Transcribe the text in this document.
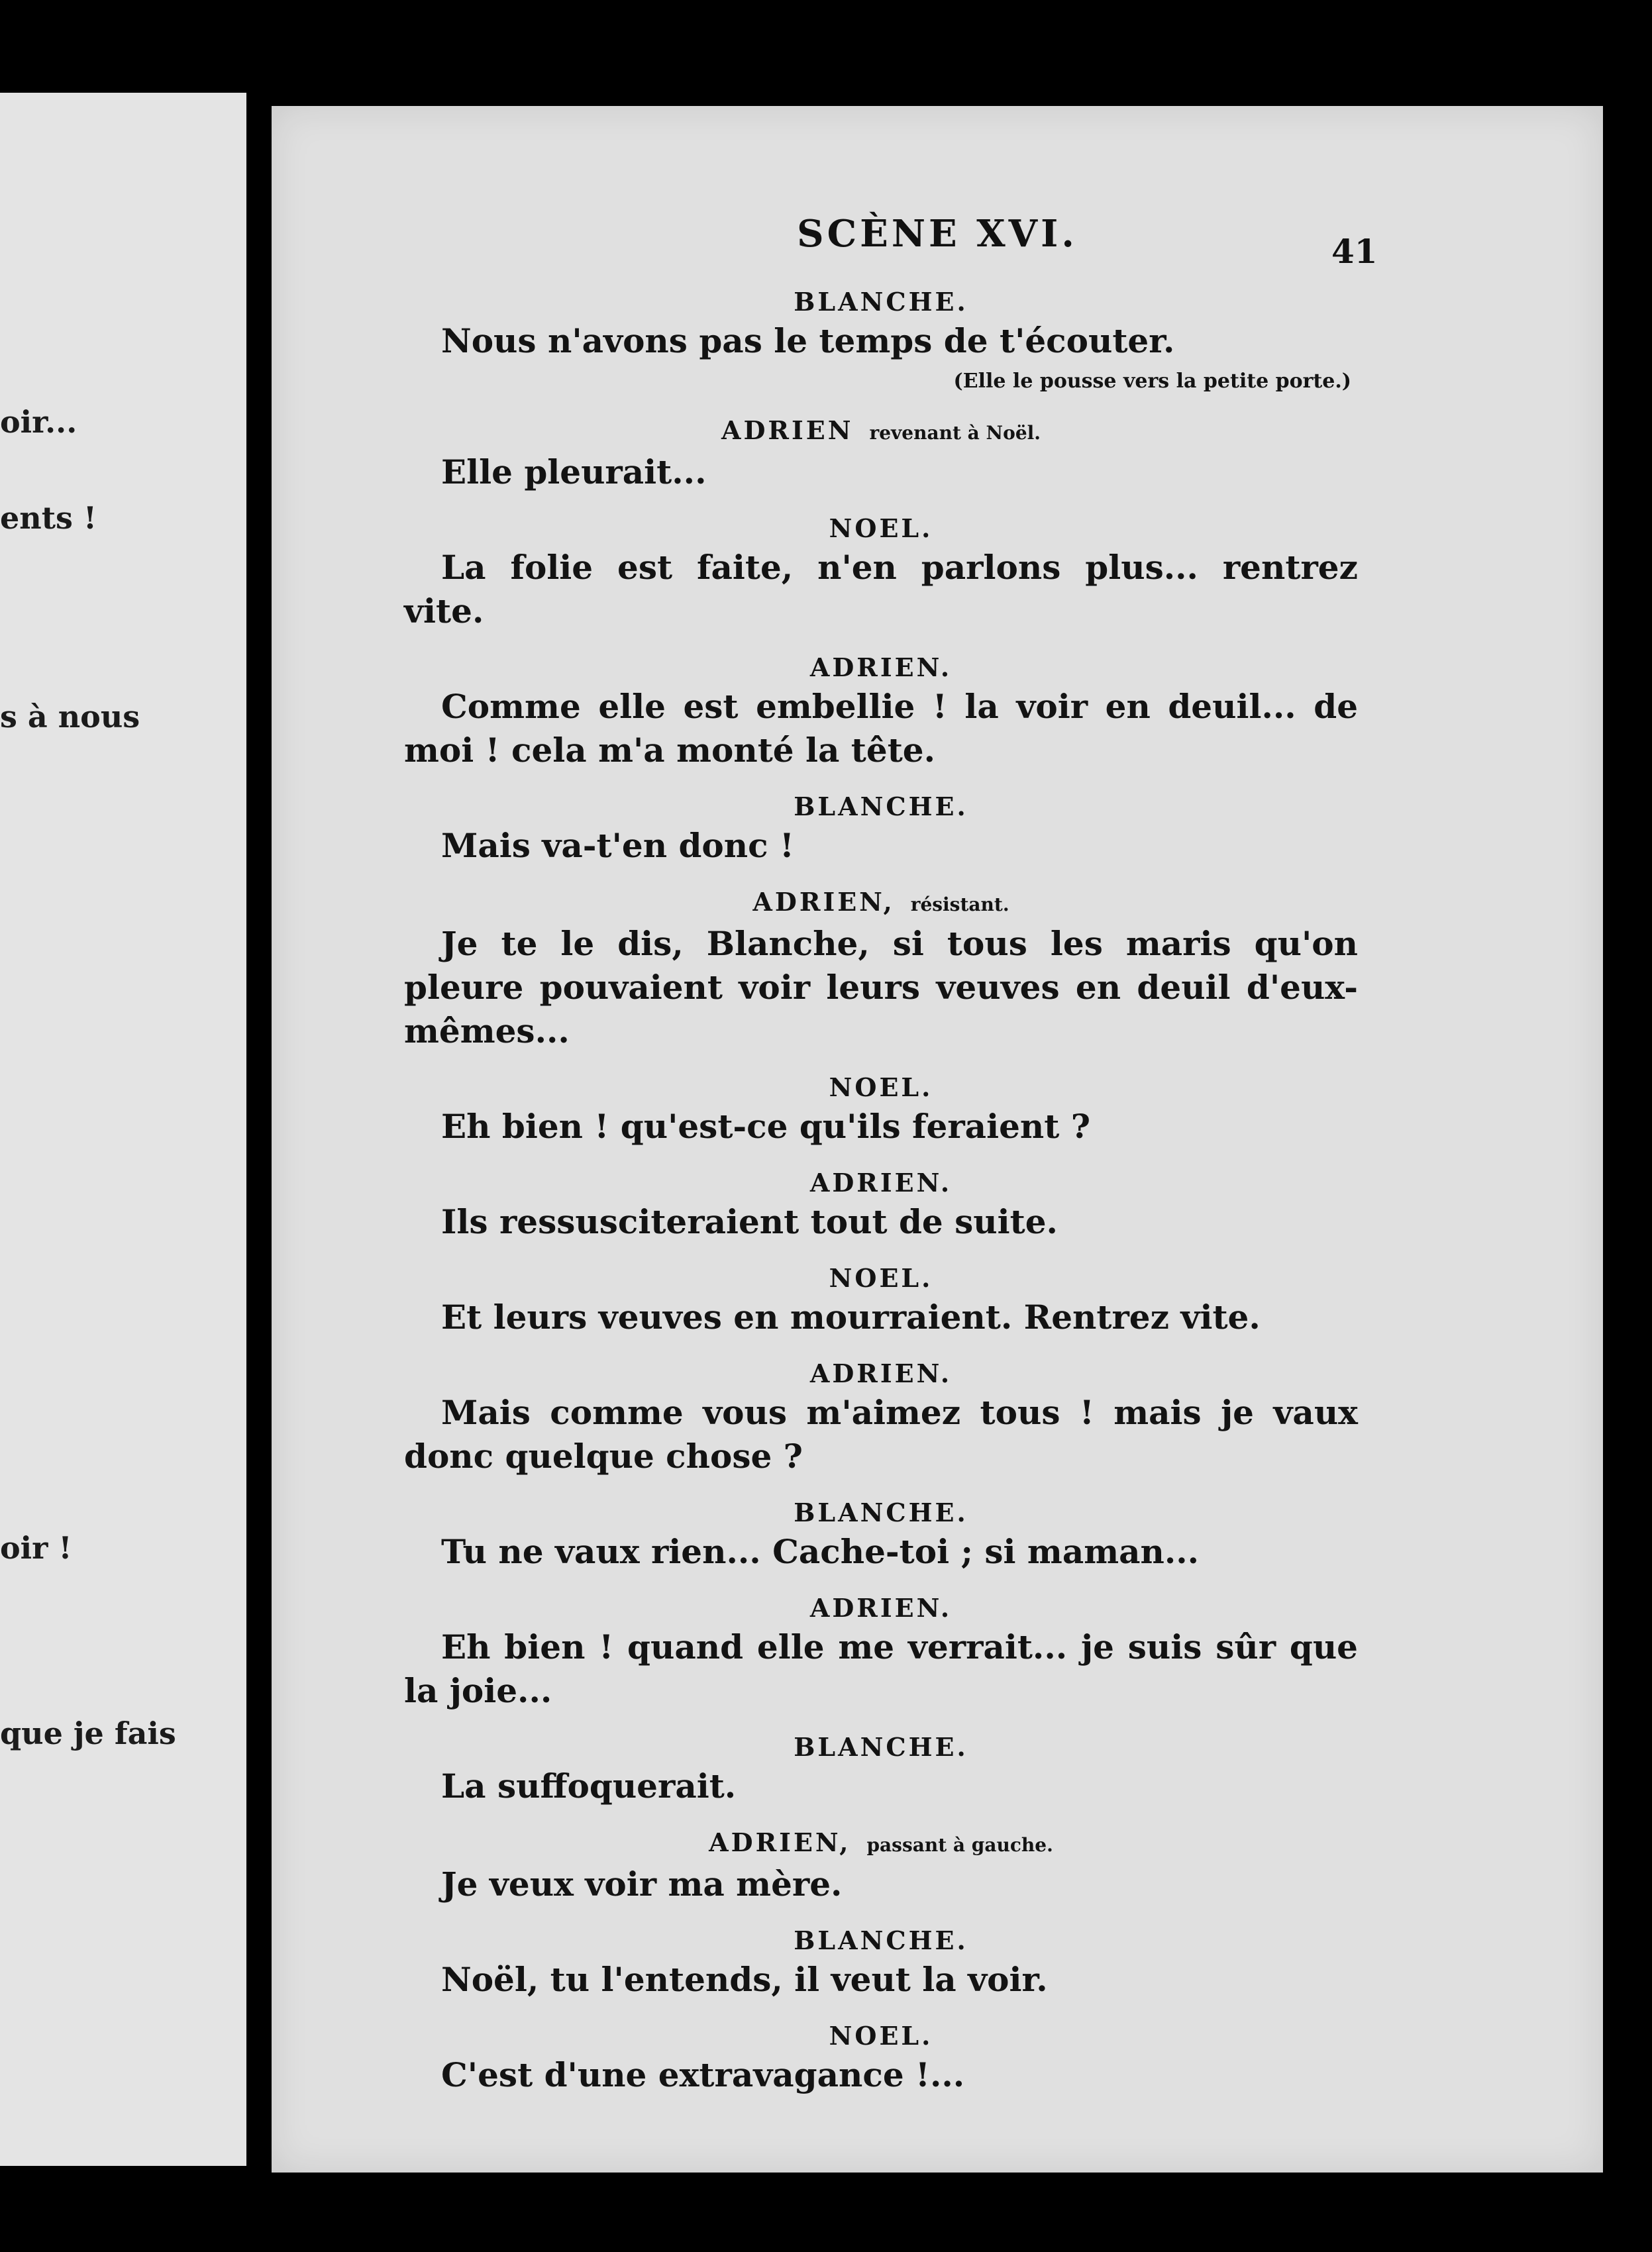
oir...
ents !
s à nous
oir !
que je fais
SCÈNE XVI.	41
BLANCHE.

Nous n'avons pas le temps de t'écouter.

(Elle le pousse vers la petite porte.)
ADRIEN revenant à Noël.

Elle pleurait...

NOEL.

La folie est faite, n'en parlons plus... rentrez vite.

ADRIEN.

Comme elle est embellie ! la voir en deuil... de moi ! cela m'a monté la tête.

BLANCHE.

Mais va-t'en donc !

ADRIEN, résistant.

Je te le dis, Blanche, si tous les maris qu'on pleure pouvaient voir leurs veuves en deuil d'eux-mêmes...

NOEL.

Eh bien ! qu'est-ce qu'ils feraient ?

ADRIEN.

Ils ressusciteraient tout de suite.

NOEL.

Et leurs veuves en mourraient. Rentrez vite.

ADRIEN.

Mais comme vous m'aimez tous ! mais je vaux donc quelque chose ?

BLANCHE.

Tu ne vaux rien... Cache-toi ; si maman...

ADRIEN.

Eh bien ! quand elle me verrait... je suis sûr que la joie...

BLANCHE.

La suffoquerait.

ADRIEN, passant à gauche.

Je veux voir ma mère.

BLANCHE.

Noël, tu l'entends, il veut la voir.

NOEL.

C'est d'une extravagance !...
